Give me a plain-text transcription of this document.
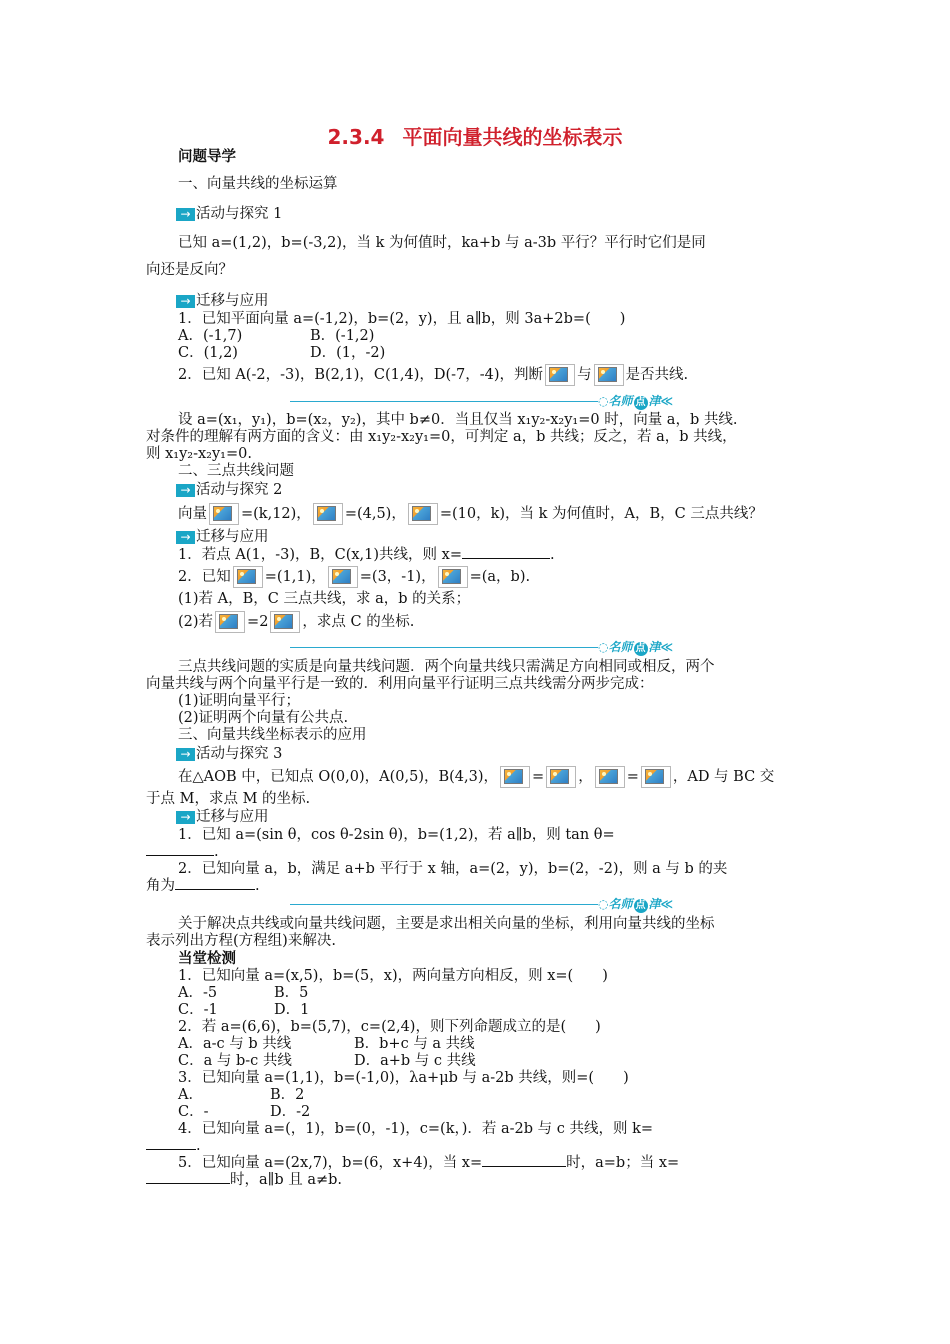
2.3.4 平面向量共线的坐标表示
问题导学
一、向量共线的坐标运算
→ 活动与探究 1
已知 a=(1,2)，b=(-3,2)，当 k 为何值时，ka+b 与 a-3b 平行？平行时它们是同
向还是反向？
→ 迁移与应用
1．已知平面向量 a=(-1,2)，b=(2，y)，且 a∥b，则 3a+2b=(　　)
A．(-1,7)	B．(-1,2)
C．(1,2)	D．(1，-2)
2．已知 A(-2，-3)，B(2,1)，C(1,4)，D(-7，-4)，判断 与 是否共线.
◌名师 点 津≪
设 a=(x₁，y₁)，b=(x₂，y₂)，其中 b≠0．当且仅当 x₁y₂-x₂y₁=0 时，向量 a，b 共线.
对条件的理解有两方面的含义：由 x₁y₂-x₂y₁=0，可判定 a，b 共线；反之，若 a，b 共线，
则 x₁y₂-x₂y₁=0.
二、三点共线问题
→ 活动与探究 2
向量 =(k,12)， =(4,5)， =(10，k)，当 k 为何值时，A，B，C 三点共线？
→ 迁移与应用
1．若点 A(1，-3)，B，C(x,1)共线，则 x=	.
2．已知 =(1,1)， =(3，-1)， =(a，b).
(1)若 A，B，C 三点共线，求 a，b 的关系；
(2)若 =2 ，求点 C 的坐标.
◌名师 点 津≪
三点共线问题的实质是向量共线问题．两个向量共线只需满足方向相同或相反，两个
向量共线与两个向量平行是一致的．利用向量平行证明三点共线需分两步完成：
(1)证明向量平行；
(2)证明两个向量有公共点.
三、向量共线坐标表示的应用
→ 活动与探究 3
在△AOB 中，已知点 O(0,0)，A(0,5)，B(4,3)， = ， = ，AD 与 BC 交
于点 M，求点 M 的坐标.
→ 迁移与应用
1．已知 a=(sin θ，cos θ-2sin θ)，b=(1,2)，若 a∥b，则 tan θ=
.
2．已知向量 a，b，满足 a+b 平行于 x 轴，a=(2，y)，b=(2，-2)，则 a 与 b 的夹
角为	.
◌名师 点 津≪
关于解决点共线或向量共线问题，主要是求出相关向量的坐标，利用向量共线的坐标
表示列出方程(方程组)来解决.
当堂检测
1．已知向量 a=(x,5)，b=(5，x)，两向量方向相反，则 x=(　　)
A．-5	B．5
C．-1	D．1
2．若 a=(6,6)，b=(5,7)，c=(2,4)，则下列命题成立的是(　　)
A．a-c 与 b 共线	B．b+c 与 a 共线
C．a 与 b-c 共线	D．a+b 与 c 共线
3．已知向量 a=(1,1)，b=(-1,0)，λa+μb 与 a-2b 共线，则=(　　)
A．	B．2
C．-	D．-2
4．已知向量 a=(，1)，b=(0，-1)，c=(k，)．若 a-2b 与 c 共线，则 k=
.
5．已知向量 a=(2x,7)，b=(6，x+4)，当 x=	时，a=b；当 x=
时，a∥b 且 a≠b.
